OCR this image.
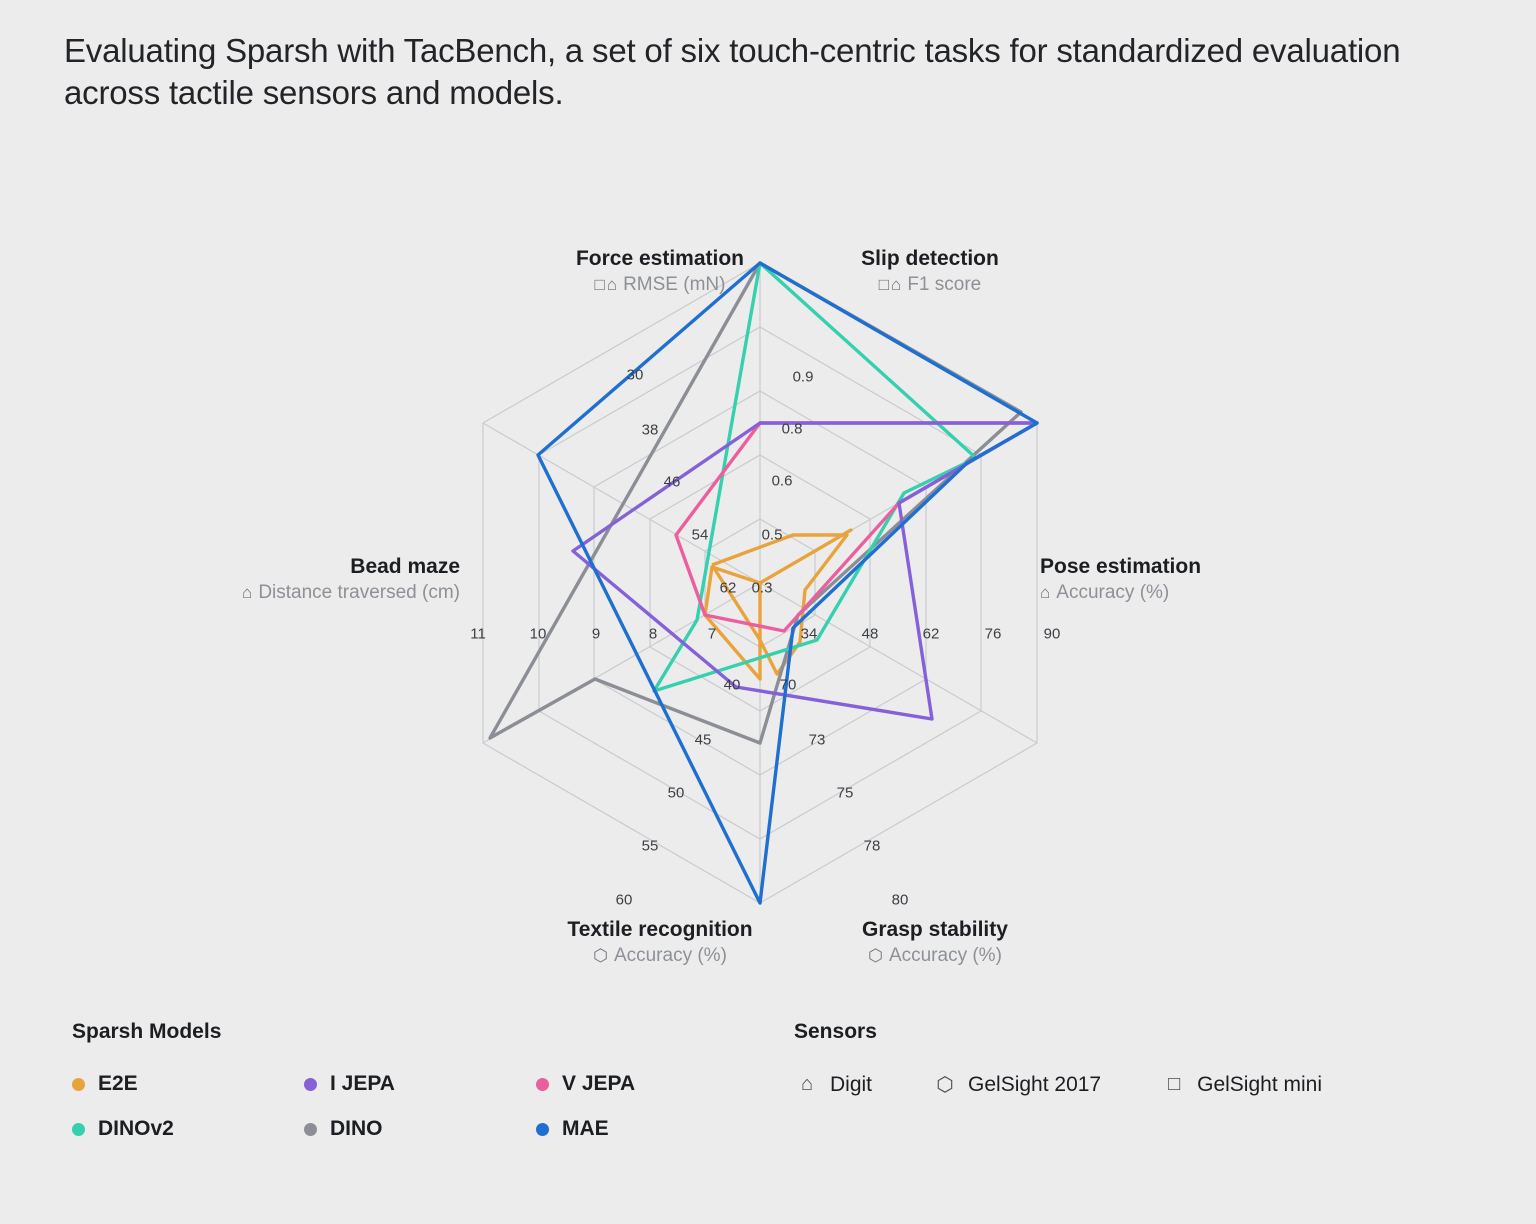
Evaluating Sparsh with TacBench, a set of six touch-centric tasks for standardized evaluation across tactile sensors and models.
0.9
0.8
0.6
0.5
0.3
30
38
46
54
62
11	10	9	8	7	34	48	62	76	90
40
45
50
55
60
70
73
75
78
80
Force estimation
□⌂ RMSE (mN)
Slip detection
□⌂ F1 score
Pose estimation
⌂ Accuracy (%)
Bead maze
⌂ Distance traversed (cm)
Textile recognition
⬡ Accuracy (%)
Grasp stability
⬡ Accuracy (%)
Sparsh Models
E2E	I JEPA	V JEPA
DINOv2	DINO	MAE
Sensors
⌂ Digit	⬡ GelSight 2017	□ GelSight mini
